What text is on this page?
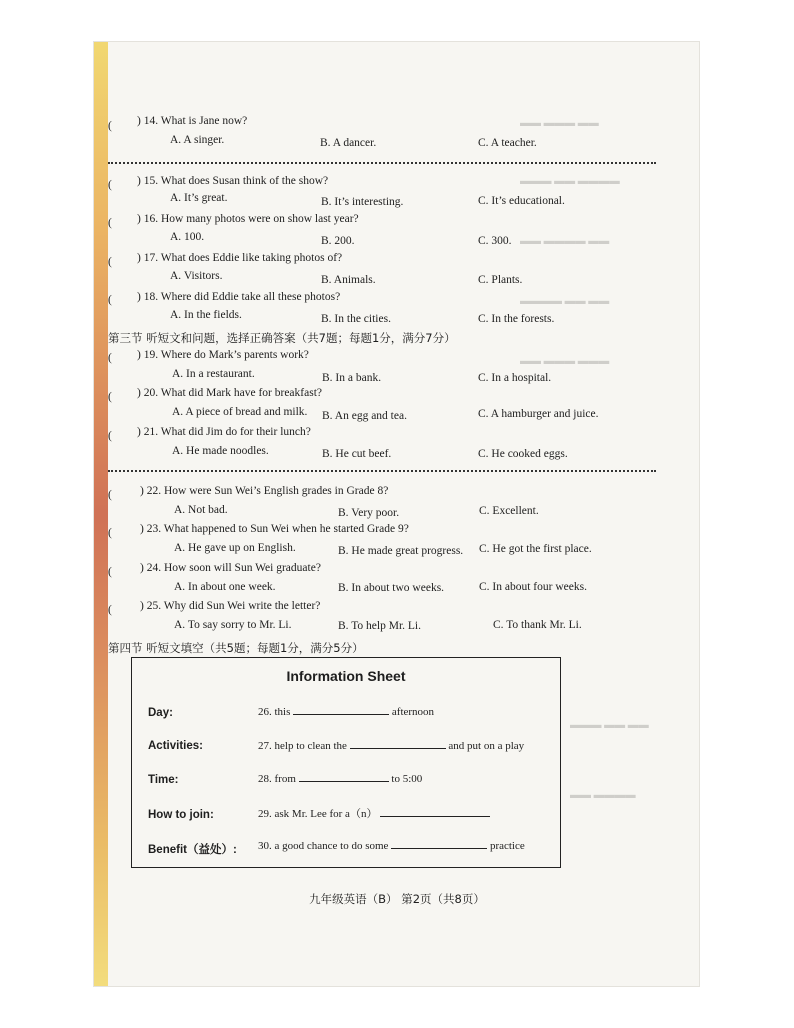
▬▬ ▬▬▬ ▬▬
▬▬▬ ▬▬ ▬▬▬▬
▬▬ ▬▬▬▬ ▬▬
▬▬▬▬ ▬▬ ▬▬
▬▬ ▬▬▬ ▬▬▬
▬▬▬ ▬▬ ▬▬
▬▬ ▬▬▬▬
( ) 14. What is Jane now?
A. A singer.	B. A dancer.	C. A teacher.
( ) 15. What does Susan think of the show?
A. It’s great.	B. It’s interesting.	C. It’s educational.
( ) 16. How many photos were on show last year?
A. 100.	B. 200.	C. 300.
( ) 17. What does Eddie like taking photos of?
A. Visitors.	B. Animals.	C. Plants.
( ) 18. Where did Eddie take all these photos?
A. In the fields.	B. In the cities.	C. In the forests.
第三节 听短文和问题，选择正确答案（共7题；每题1分，满分7分）
( ) 19. Where do Mark’s parents work?
A. In a restaurant.	B. In a bank.	C. In a hospital.
( ) 20. What did Mark have for breakfast?
A. A piece of bread and milk. B. An egg and tea.	C. A hamburger and juice.
( ) 21. What did Jim do for their lunch?
A. He made noodles.	B. He cut beef.	C. He cooked eggs.
( ) 22. How were Sun Wei’s English grades in Grade 8?
A. Not bad.	B. Very poor.	C. Excellent.
( ) 23. What happened to Sun Wei when he started Grade 9?
A. He gave up on English.	B. He made great progress. C. He got the first place.
( ) 24. How soon will Sun Wei graduate?
A. In about one week.	B. In about two weeks.	C. In about four weeks.
( ) 25. Why did Sun Wei write the letter?
A. To say sorry to Mr. Li.	B. To help Mr. Li.	C. To thank Mr. Li.
第四节 听短文填空（共5题；每题1分，满分5分）
Information Sheet
Day:	26. this	afternoon
Activities:	27. help to clean the	and put on a play
Time:	28. from	to 5:00
How to join:	29. ask Mr. Lee for a（n）
Benefit（益处）: 30. a good chance to do some	practice
九年级英语（B） 第2页（共8页）
